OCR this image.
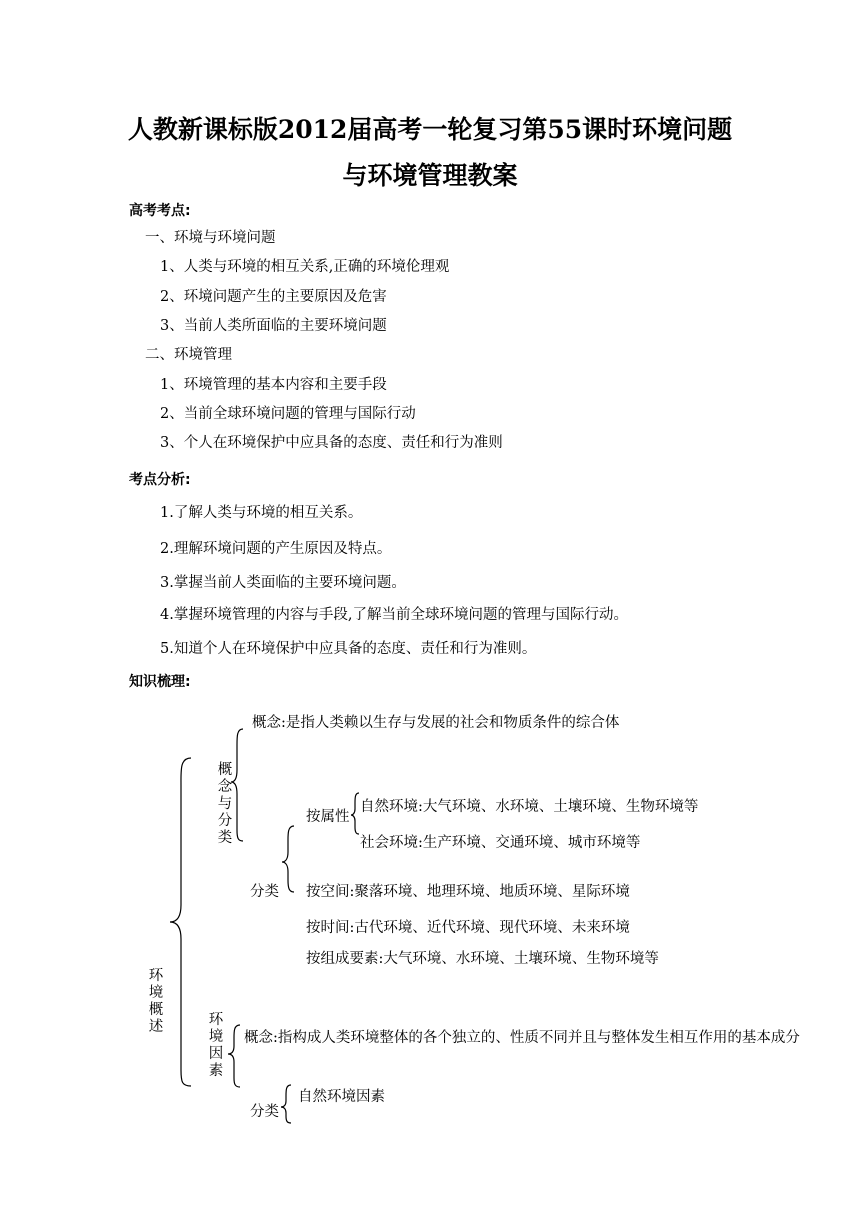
人教新课标版2012届高考一轮复习第55课时环境问题
与环境管理教案
高考考点:
一、环境与环境问题
1、人类与环境的相互关系,正确的环境伦理观
2、环境问题产生的主要原因及危害
3、当前人类所面临的主要环境问题
二、环境管理
1、环境管理的基本内容和主要手段
2、当前全球环境问题的管理与国际行动
3、个人在环境保护中应具备的态度、责任和行为准则
考点分析:
1.了解人类与环境的相互关系。
2.理解环境问题的产生原因及特点。
3.掌握当前人类面临的主要环境问题。
4.掌握环境管理的内容与手段,了解当前全球环境问题的管理与国际行动。
5.知道个人在环境保护中应具备的态度、责任和行为准则。
知识梳理:
环境概述
概念与分类
概念:是指人类赖以生存与发展的社会和物质条件的综合体
分类
按属性
自然环境:大气环境、水环境、土壤环境、生物环境等
社会环境:生产环境、交通环境、城市环境等
按空间:聚落环境、地理环境、地质环境、星际环境
按时间:古代环境、近代环境、现代环境、未来环境
按组成要素:大气环境、水环境、土壤环境、生物环境等
环境因素
概念:指构成人类环境整体的各个独立的、性质不同并且与整体发生相互作用的基本成分
分类
自然环境因素
